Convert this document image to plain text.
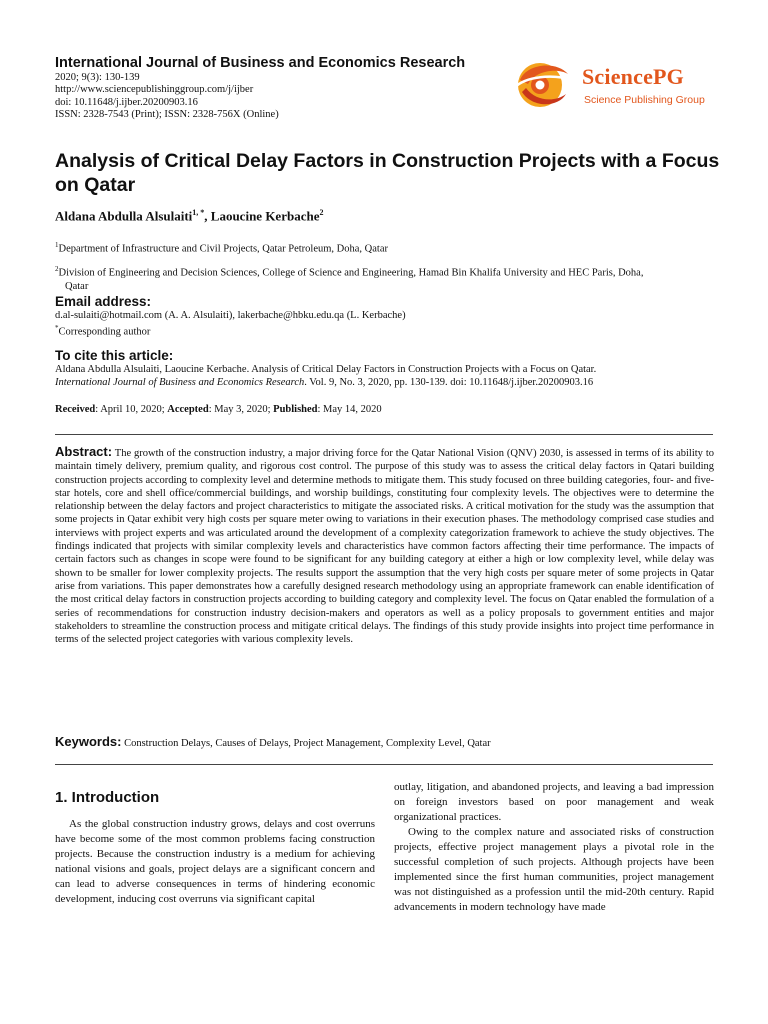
International Journal of Business and Economics Research
2020; 9(3): 130-139
http://www.sciencepublishinggroup.com/j/ijber
doi: 10.11648/j.ijber.20200903.16
ISSN: 2328-7543 (Print); ISSN: 2328-756X (Online)
SciencePG
Science Publishing Group
Analysis of Critical Delay Factors in Construction Projects with a Focus on Qatar
Aldana Abdulla Alsulaiti$^{1, *}$, Laoucine Kerbache$^2$

$^1$Department of Infrastructure and Civil Projects, Qatar Petroleum, Doha, Qatar

$^2$Division of Engineering and Decision Sciences, College of Science and Engineering, Hamad Bin Khalifa University and HEC Paris, Doha,
Qatar

Email address:
d.al-sulaiti@hotmail.com (A. A. Alsulaiti), lakerbache@hbku.edu.qa (L. Kerbache)
*Corresponding author
To cite this article:
Aldana Abdulla Alsulaiti, Laoucine Kerbache. Analysis of Critical Delay Factors in Construction Projects with a Focus on Qatar.
International Journal of Business and Economics Research. Vol. 9, No. 3, 2020, pp. 130-139. doi: 10.11648/j.ijber.20200903.16
Received: April 10, 2020; Accepted: May 3, 2020; Published: May 14, 2020
Abstract: The growth of the construction industry, a major driving force for the Qatar National Vision (QNV) 2030, is assessed in terms of its ability to maintain timely delivery, premium quality, and rigorous cost control. The purpose of this study was to assess the critical delay factors in Qatari building construction projects according to complexity level and determine methods to mitigate them. This study focused on three building categories, four- and five-star hotels, core and shell office/commercial buildings, and worship buildings, constituting four complexity levels. The objectives were to determine the relationship between the delay factors and project characteristics to mitigate the associated risks. A critical motivation for the study was the assumption that some projects in Qatar exhibit very high costs per square meter owing to variations in their execution phases. The methodology comprised case studies and interviews with project experts and was articulated around the development of a complexity categorization framework to achieve the study objectives. The findings indicated that projects with similar complexity levels and characteristics have common factors affecting their time performance. The impacts of certain factors such as changes in scope were found to be significant for any building category at either a high or low complexity level, while delay was shown to be smaller for lower complexity projects. The results support the assumption that the very high costs per square meter of some projects in Qatar arise from variations. This paper demonstrates how a carefully designed research methodology using an appropriate framework can enable identification of the most critical delay factors in construction projects according to building category and complexity level. The focus on Qatar enabled the formulation of a series of recommendations for construction industry decision-makers and operators as well as a policy proposals to government entities and major stakeholders to streamline the construction process and mitigate critical delays. The findings of this study provide insights into project time performance in terms of the selected project categories with various complexity levels.
Keywords: Construction Delays, Causes of Delays, Project Management, Complexity Level, Qatar
1. Introduction

As the global construction industry grows, delays and cost overruns have become some of the most common problems facing construction projects. Because the construction industry is a medium for achieving national visions and goals, project delays are a significant concern and can lead to adverse consequences in terms of hindering economic development, inducing cost overruns via significant capital

outlay, litigation, and abandoned projects, and leaving a bad impression on foreign investors based on poor management and weak organizational practices.

Owing to the complex nature and associated risks of construction projects, effective project management plays a pivotal role in the successful completion of such projects. Although projects have been implemented since the first human communities, project management was not distinguished as a profession until the mid-20th century. Rapid advancements in modern technology have made
